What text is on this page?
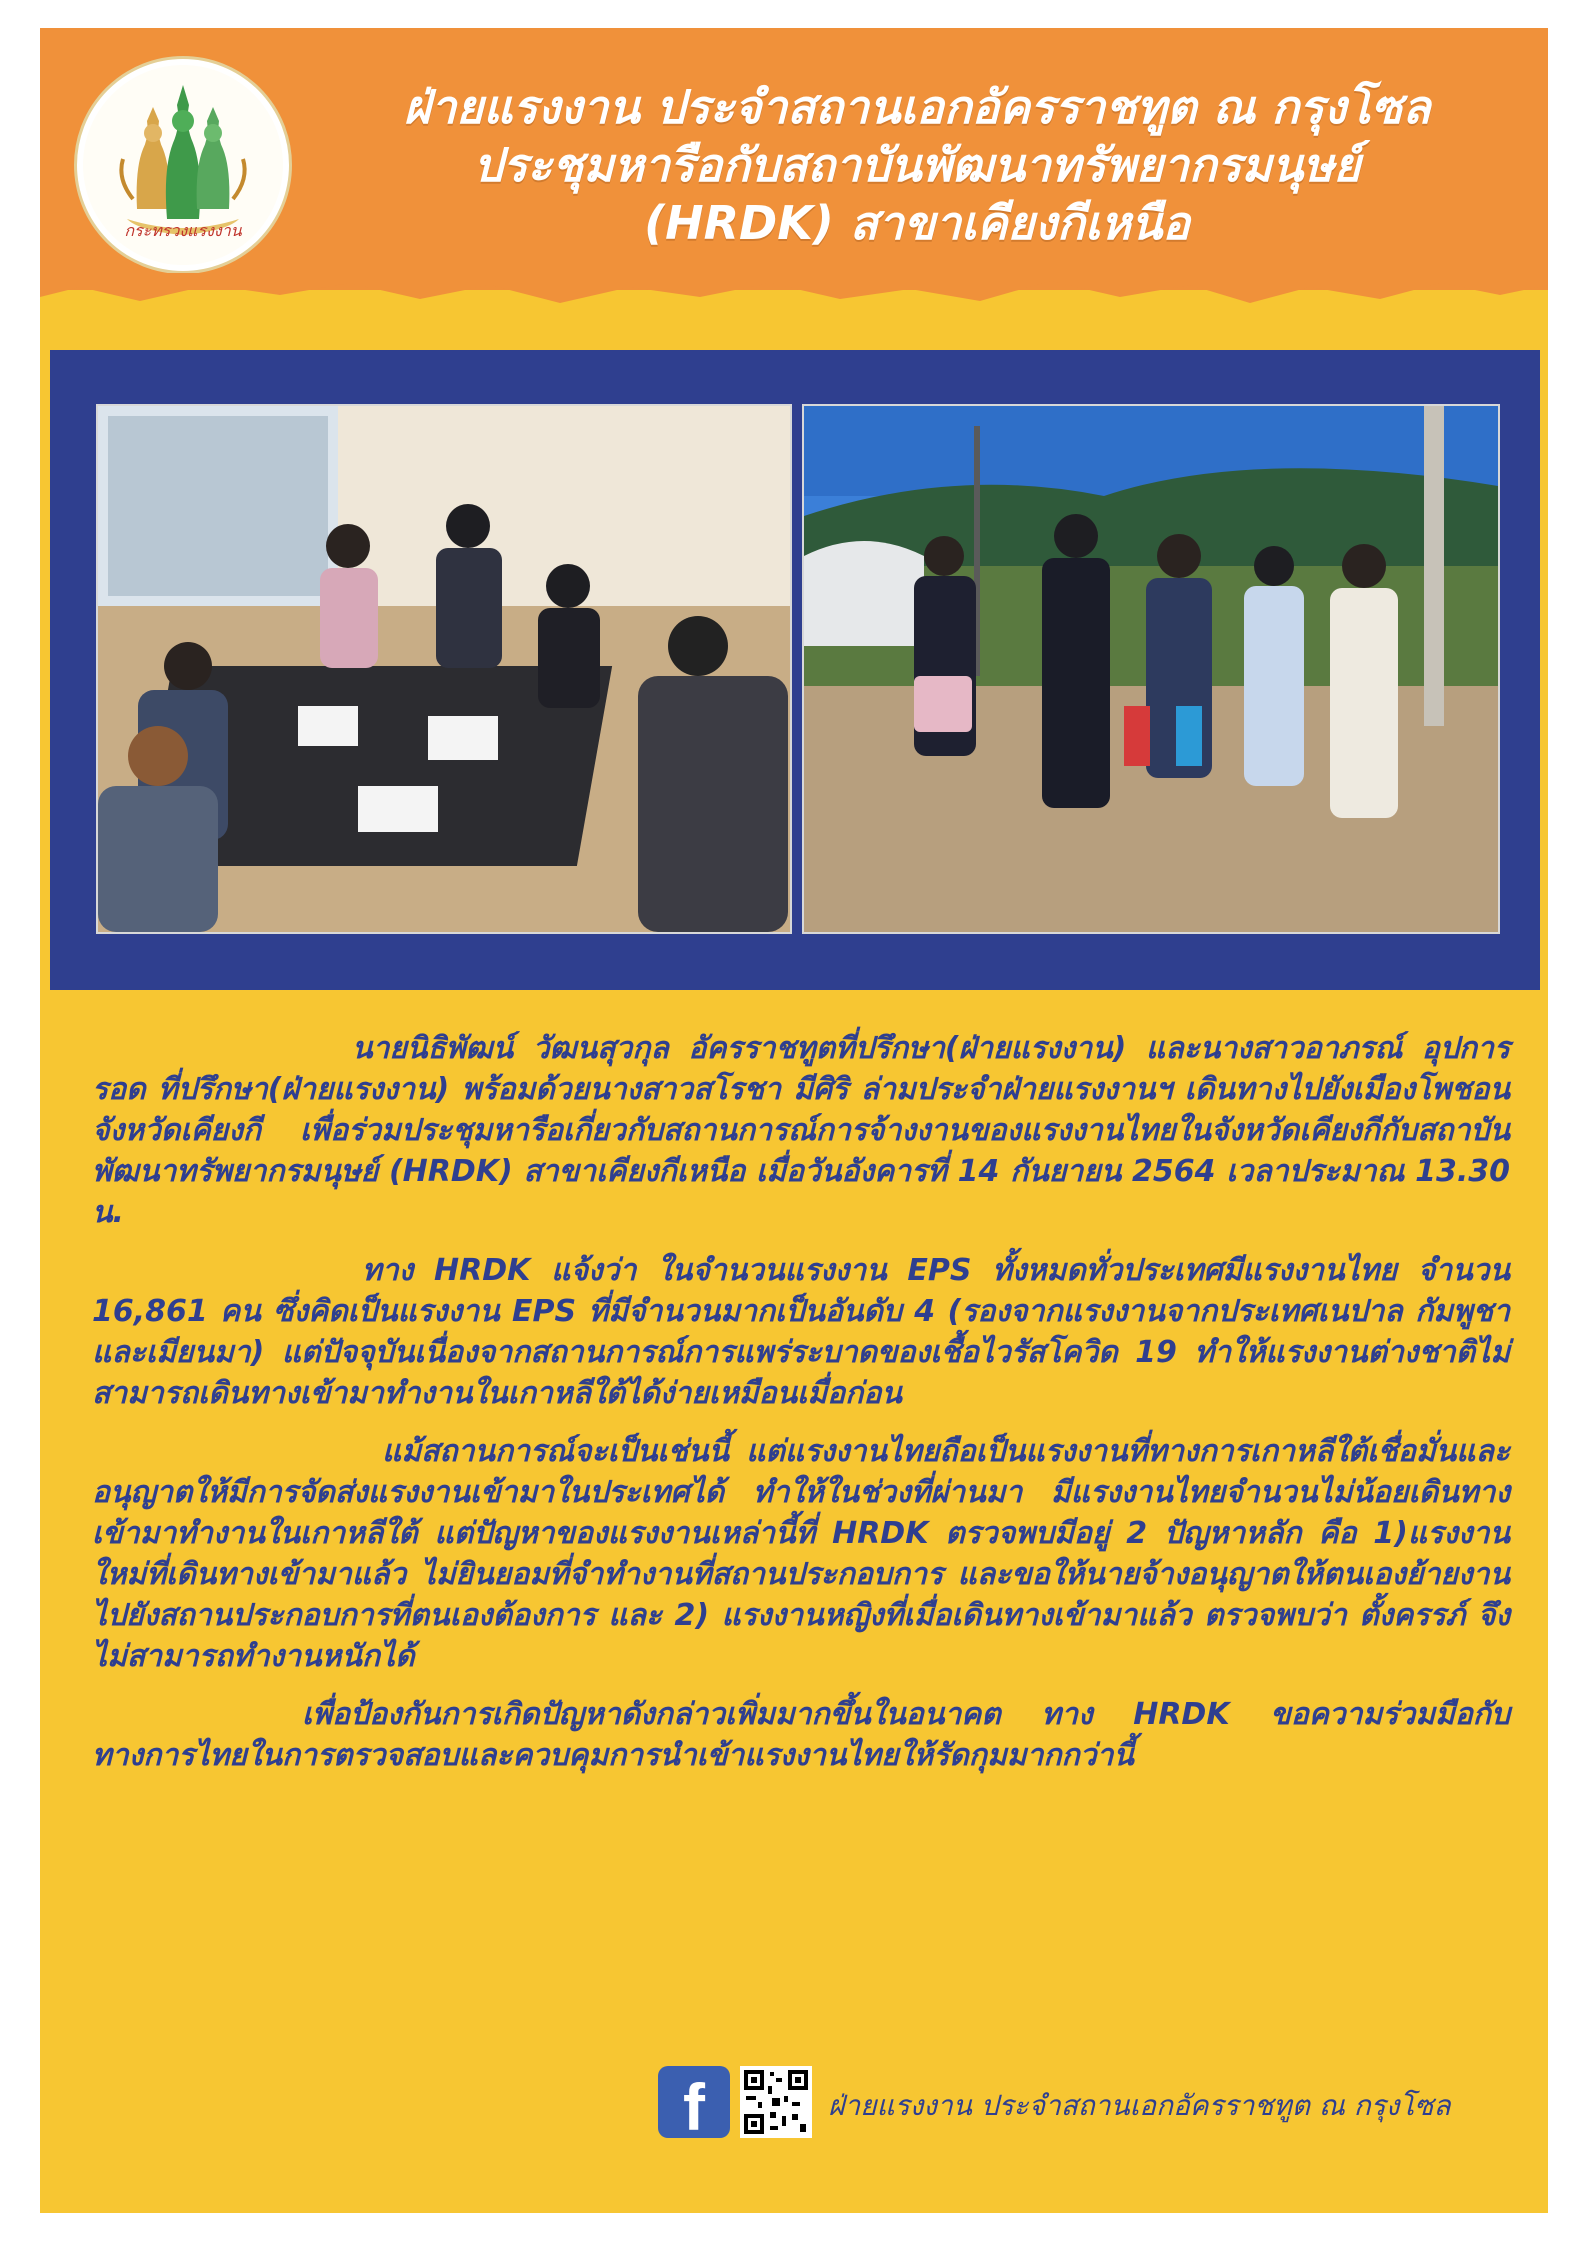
กระทรวงแรงงาน
ฝ่ายแรงงาน ประจำสถานเอกอัครราชทูต ณ กรุงโซล
ประชุมหารือกับสถาบันพัฒนาทรัพยากรมนุษย์
(HRDK) สาขาเคียงกีเหนือ

นายนิธิพัฒน์ วัฒนสุวกุล อัครราชทูตที่ปรึกษา(ฝ่ายแรงงาน) และนางสาวอาภรณ์ อุปการรอด ที่ปรึกษา(ฝ่ายแรงงาน) พร้อมด้วยนางสาวสโรชา มีศิริ ล่ามประจำฝ่ายแรงงานฯ เดินทางไปยังเมืองโพชอน จังหวัดเคียงกี เพื่อร่วมประชุมหารือเกี่ยวกับสถานการณ์การจ้างงานของแรงงานไทยในจังหวัดเคียงกีกับสถาบันพัฒนาทรัพยากรมนุษย์ (HRDK) สาขาเคียงกีเหนือ เมื่อวันอังคารที่ 14 กันยายน 2564 เวลาประมาณ 13.30 น.

ทาง HRDK แจ้งว่า ในจำนวนแรงงาน EPS ทั้งหมดทั่วประเทศมีแรงงานไทย จำนวน 16,861 คน ซึ่งคิดเป็นแรงงาน EPS ที่มีจำนวนมากเป็นอันดับ 4 (รองจากแรงงานจากประเทศเนปาล กัมพูชา และเมียนมา) แต่ปัจจุบันเนื่องจากสถานการณ์การแพร่ระบาดของเชื้อไวรัสโควิด 19 ทำให้แรงงานต่างชาติไม่สามารถเดินทางเข้ามาทำงานในเกาหลีใต้ได้ง่ายเหมือนเมื่อก่อน

แม้สถานการณ์จะเป็นเช่นนี้ แต่แรงงานไทยถือเป็นแรงงานที่ทางการเกาหลีใต้เชื่อมั่นและอนุญาตให้มีการจัดส่งแรงงานเข้ามาในประเทศได้ ทำให้ในช่วงที่ผ่านมา มีแรงงานไทยจำนวนไม่น้อยเดินทางเข้ามาทำงานในเกาหลีใต้ แต่ปัญหาของแรงงานเหล่านี้ที่ HRDK ตรวจพบมีอยู่ 2 ปัญหาหลัก คือ 1)แรงงานใหม่ที่เดินทางเข้ามาแล้ว ไม่ยินยอมที่จำทำงานที่สถานประกอบการ และขอให้นายจ้างอนุญาตให้ตนเองย้ายงานไปยังสถานประกอบการที่ตนเองต้องการ และ 2) แรงงานหญิงที่เมื่อเดินทางเข้ามาแล้ว ตรวจพบว่า ตั้งครรภ์ จึงไม่สามารถทำงานหนักได้

เพื่อป้องกันการเกิดปัญหาดังกล่าวเพิ่มมากขึ้นในอนาคต ทาง HRDK ขอความร่วมมือกับทางการไทยในการตรวจสอบและควบคุมการนำเข้าแรงงานไทยให้รัดกุมมากกว่านี้

f	ฝ่ายแรงงาน ประจำสถานเอกอัครราชทูต ณ กรุงโซล
